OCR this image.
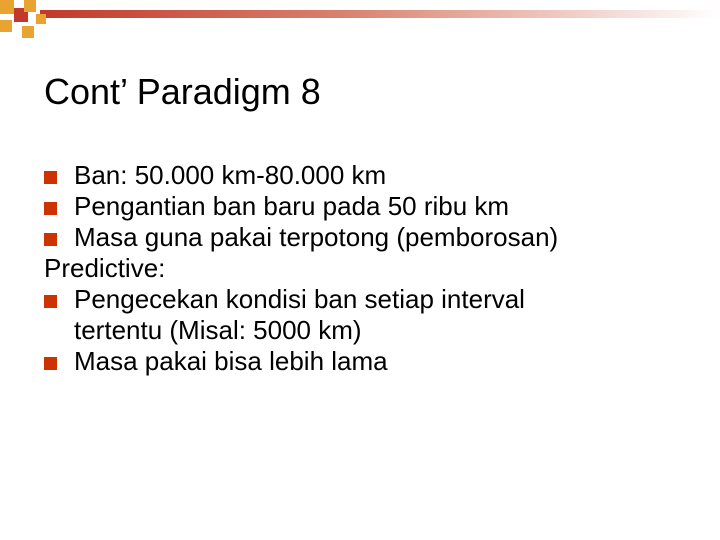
Cont’ Paradigm 8
Ban: 50.000 km-80.000 km
Pengantian ban baru pada 50 ribu km
Masa guna pakai terpotong (pemborosan)
Predictive:
Pengecekan kondisi ban setiap interval
tertentu (Misal: 5000 km)
Masa pakai bisa lebih lama
